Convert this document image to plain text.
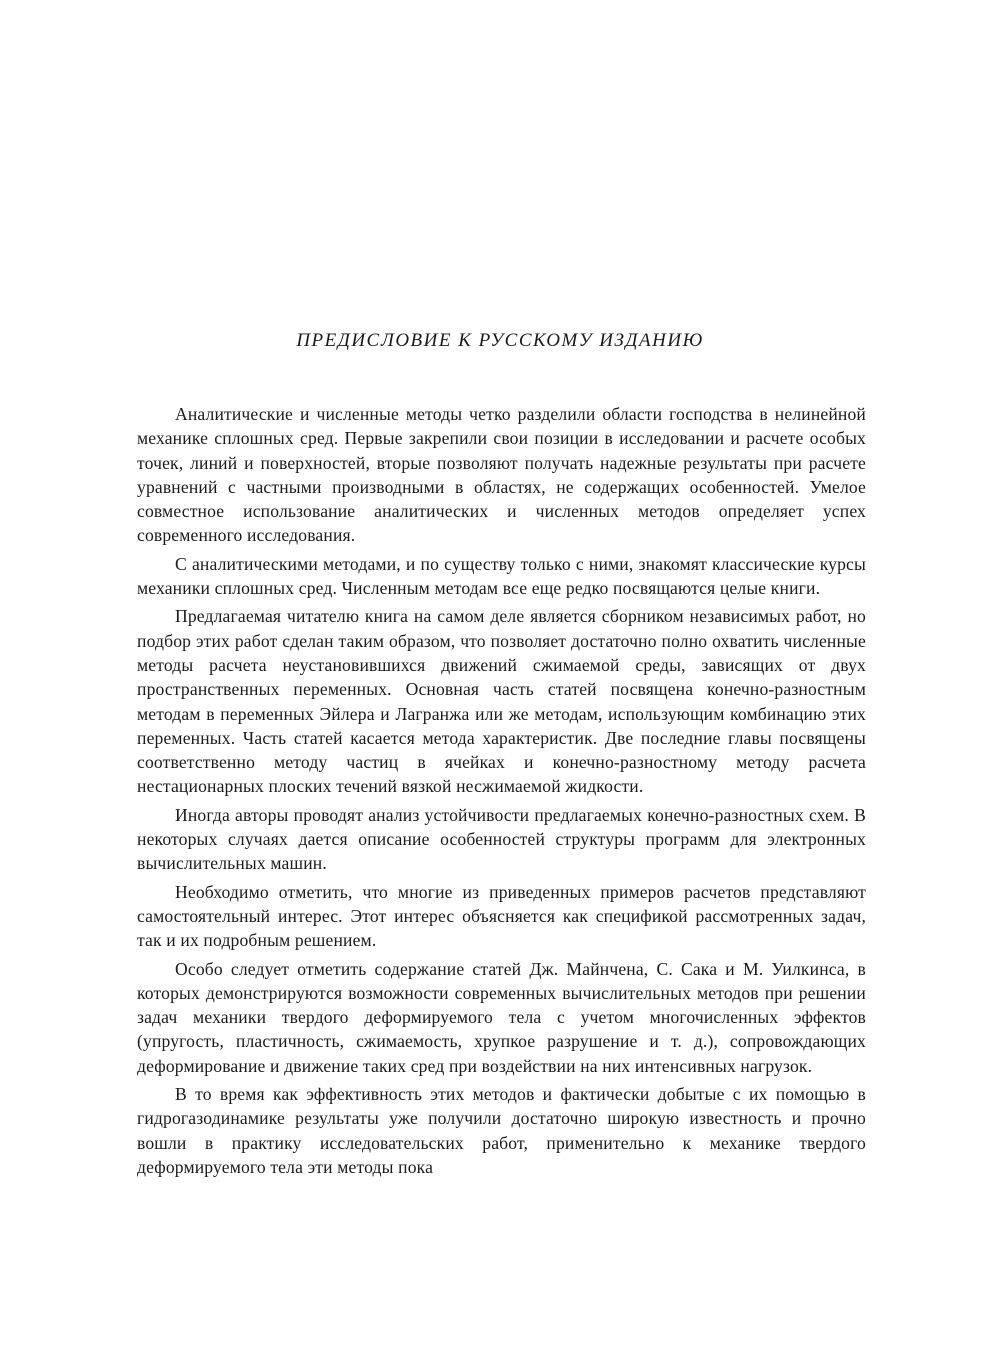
ПРЕДИСЛОВИЕ К РУССКОМУ ИЗДАНИЮ

Аналитические и численные методы четко разделили области господства в нелинейной механике сплошных сред. Первые закрепили свои позиции в исследовании и расчете особых точек, линий и поверхностей, вторые позволяют получать надежные результаты при расчете уравнений с частными производными в областях, не содержащих особенностей. Умелое совместное использование аналитических и численных методов определяет успех современного исследования.

С аналитическими методами, и по существу только с ними, знакомят классические курсы механики сплошных сред. Численным методам все еще редко посвящаются целые книги.

Предлагаемая читателю книга на самом деле является сборником независимых работ, но подбор этих работ сделан таким образом, что позволяет достаточно полно охватить численные методы расчета неустановившихся движений сжимаемой среды, зависящих от двух пространственных переменных. Основная часть статей посвящена конечно-разностным методам в переменных Эйлера и Лагранжа или же методам, использующим комбинацию этих переменных. Часть статей касается метода характеристик. Две последние главы посвящены соответственно методу частиц в ячейках и конечно-разностному методу расчета нестационарных плоских течений вязкой несжимаемой жидкости.

Иногда авторы проводят анализ устойчивости предлагаемых конечно-разностных схем. В некоторых случаях дается описание особенностей структуры программ для электронных вычислительных машин.

Необходимо отметить, что многие из приведенных примеров расчетов представляют самостоятельный интерес. Этот интерес объясняется как спецификой рассмотренных задач, так и их подробным решением.

Особо следует отметить содержание статей Дж. Майнчена, С. Сака и М. Уилкинса, в которых демонстрируются возможности современных вычислительных методов при решении задач механики твердого деформируемого тела с учетом многочисленных эффектов (упругость, пластичность, сжимаемость, хрупкое разрушение и т. д.), сопровождающих деформирование и движение таких сред при воздействии на них интенсивных нагрузок.

В то время как эффективность этих методов и фактически добытые с их помощью в гидрогазодинамике результаты уже получили достаточно широкую известность и прочно вошли в практику исследовательских работ, применительно к механике твердого деформируемого тела эти методы пока
